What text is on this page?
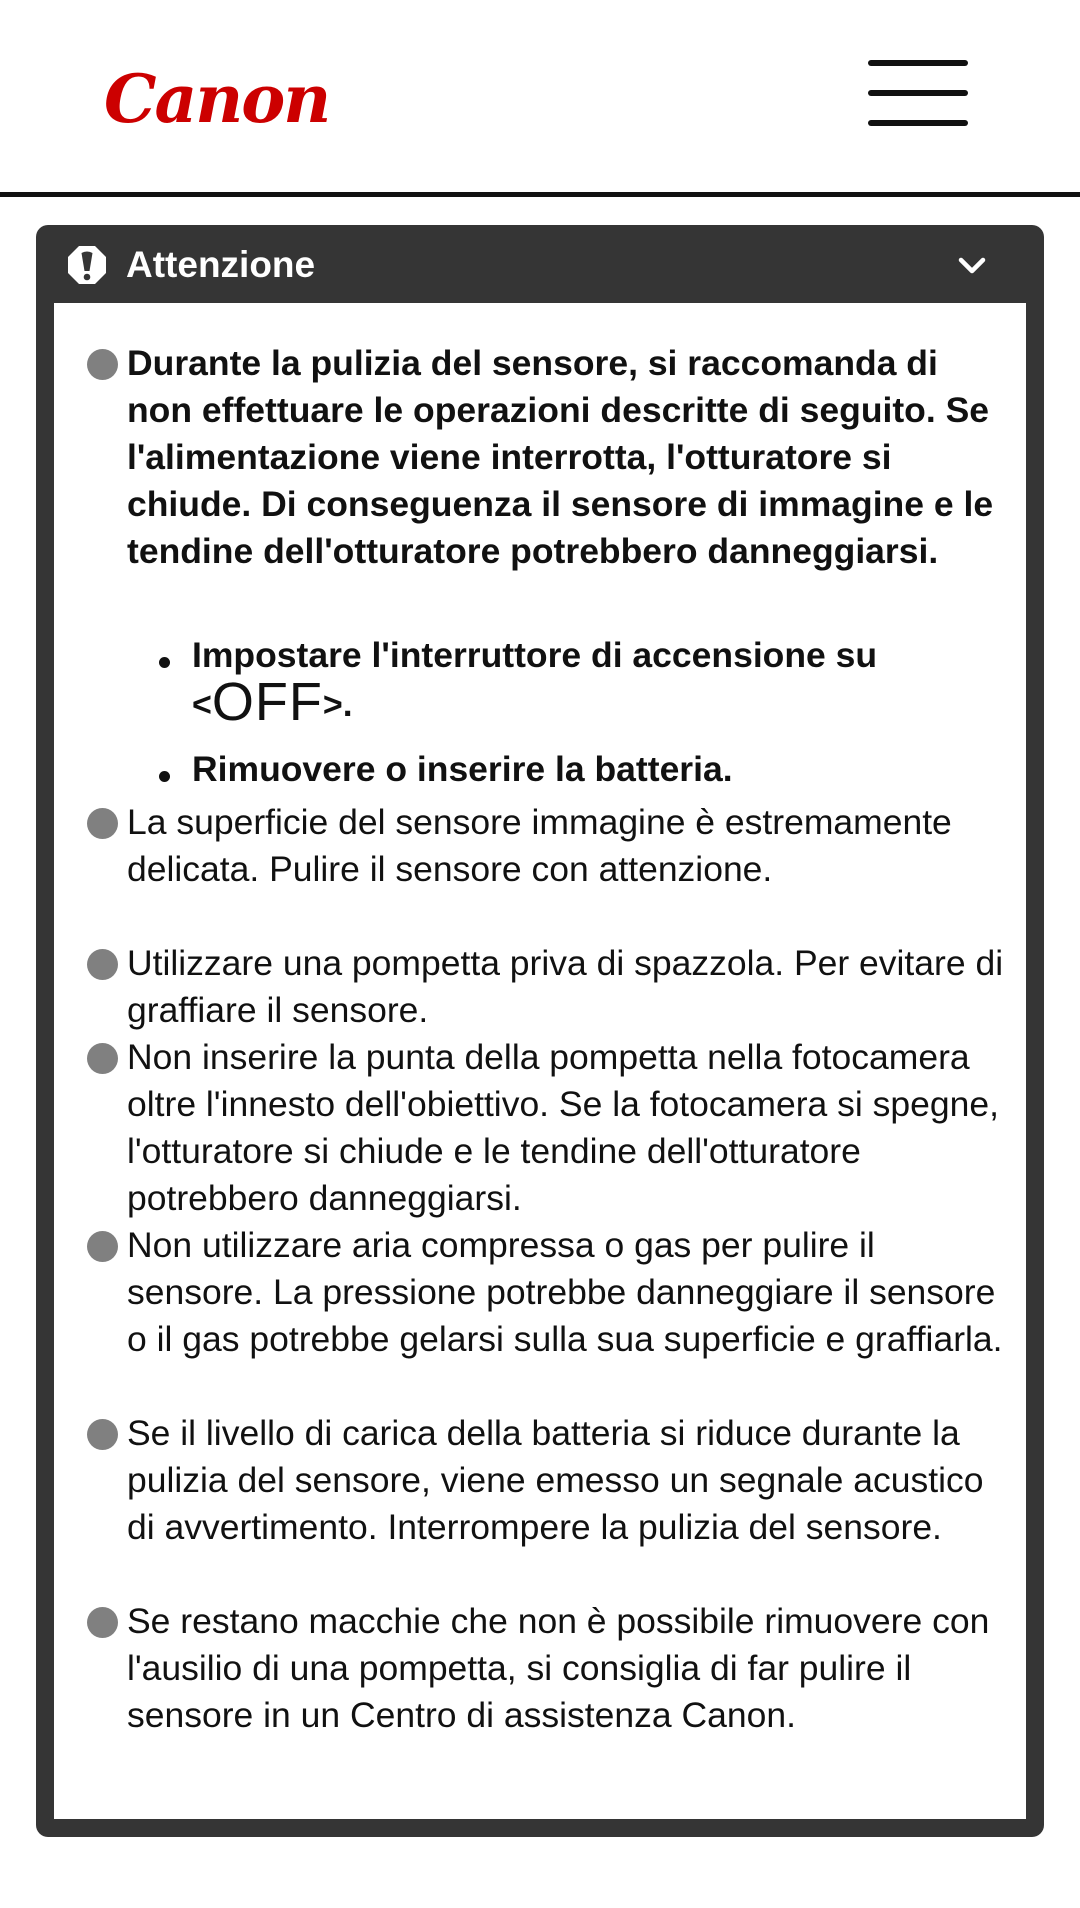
Canon
Attenzione
Durante la pulizia del sensore, si raccomanda di non effettuare le operazioni descritte di seguito. Se l'alimentazione viene interrotta, l'otturatore si chiude. Di conseguenza il sensore di immagine e le tendine dell'otturatore potrebbero danneggiarsi.
Impostare l'interruttore di accensione su
<OFF>.
Rimuovere o inserire la batteria.
La superficie del sensore immagine è estremamente delicata. Pulire il sensore con attenzione.
Utilizzare una pompetta priva di spazzola. Per evitare di graffiare il sensore.
Non inserire la punta della pompetta nella fotocamera oltre l'innesto dell'obiettivo. Se la fotocamera si spegne, l'otturatore si chiude e le tendine dell'otturatore potrebbero danneggiarsi.
Non utilizzare aria compressa o gas per pulire il sensore. La pressione potrebbe danneggiare il sensore o il gas potrebbe gelarsi sulla sua superficie e graffiarla.
Se il livello di carica della batteria si riduce durante la pulizia del sensore, viene emesso un segnale acustico di avvertimento. Interrompere la pulizia del sensore.
Se restano macchie che non è possibile rimuovere con l'ausilio di una pompetta, si consiglia di far pulire il sensore in un Centro di assistenza Canon.
